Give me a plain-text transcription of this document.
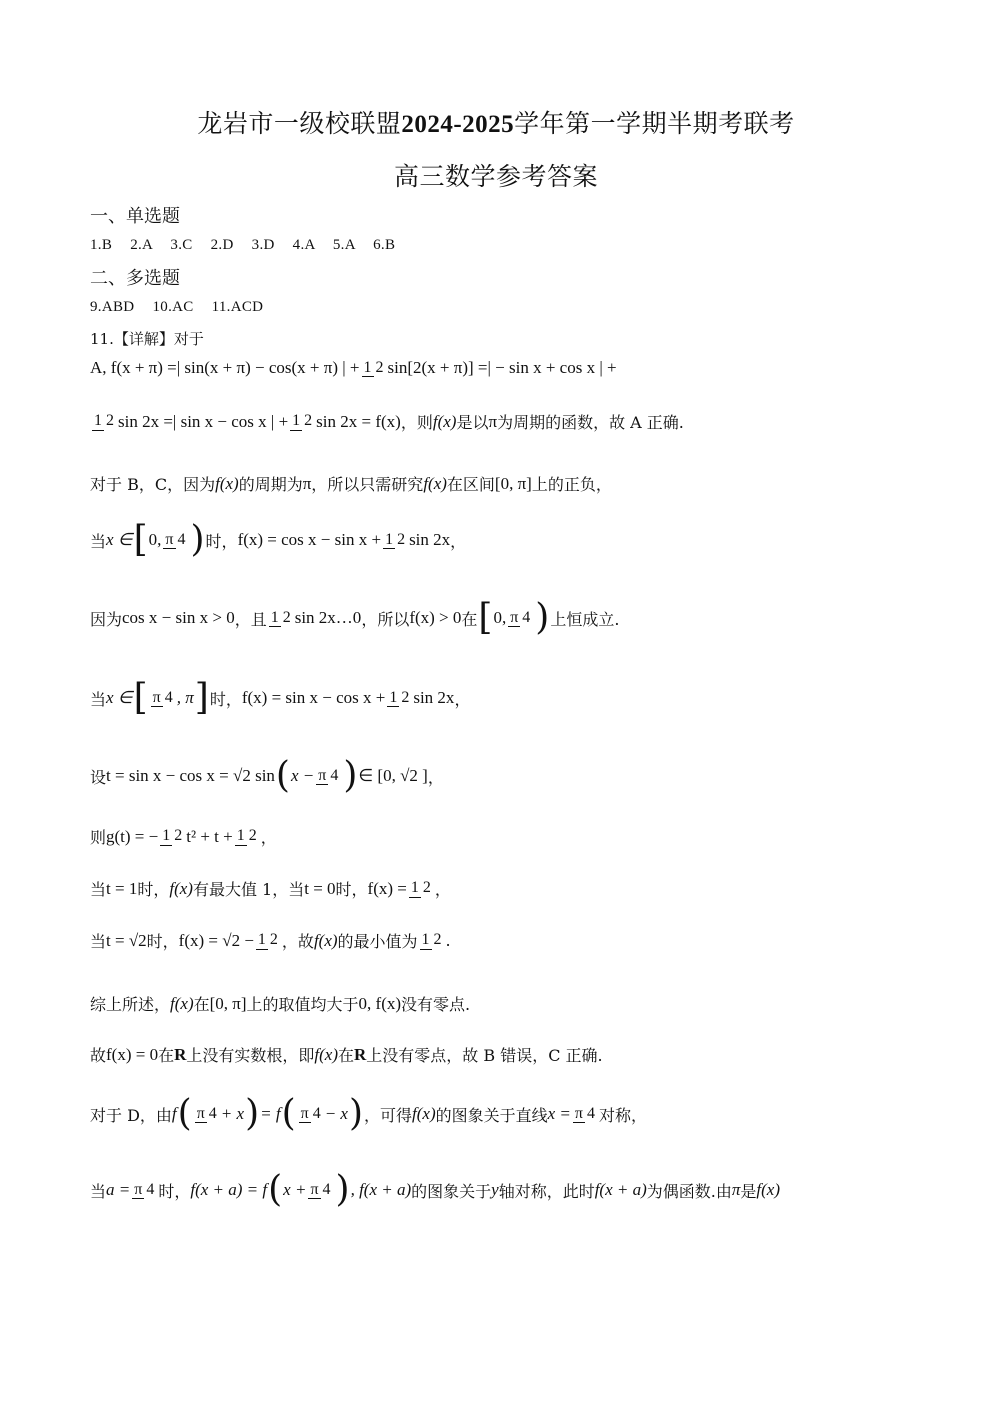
龙岩市一级校联盟2024-2025学年第一学期半期考联考
高三数学参考答案
一、单选题
1.B 2.A 3.C 2.D 3.D 4.A 5.A 6.B
二、多选题
9.ABD 10.AC 11.ACD
11.【详解】对于
A, f(x + π) =| sin(x + π) − cos(x + π) | + 1 2 sin[2(x + π)] =| − sin x + cos x | +
1 2 sin 2x =| sin x − cos x | + 1 2 sin 2x = f(x) ，则 f(x) 是以 π 为周期的函数，故 A 正确.
对于 B，C，因为 f(x) 的周期为 π ，所以只需研究 f(x) 在区间 [0, π] 上的正负，
当 x ∈ [ 0, π 4 ) 时， f(x) = cos x − sin x + 1 2 sin 2x ，
因为 cos x − sin x > 0 ，且 1 2 sin 2x…0 ，所以 f(x) > 0 在 [ 0, π 4 ) 上恒成立.
当 x ∈ [ π 4 , π ] 时， f(x) = sin x − cos x + 1 2 sin 2x ，
设 t = sin x − cos x = √2 sin ( x − π 4 ) ∈ [0, √2 ] ，
则 g(t) = − 1 2 t² + t + 1 2 ，
当 t = 1 时， f(x) 有最大值 1，当 t = 0 时， f(x) = 1 2 ，
当 t = √2 时， f(x) = √2 − 1 2 ，故 f(x) 的最小值为 1 2 .
综上所述， f(x) 在 [0, π] 上的取值均大于 0, f(x) 没有零点.
故 f(x) = 0 在 R 上没有实数根，即 f(x) 在 R 上没有零点，故 B 错误，C 正确.
对于 D，由 f ( π 4 + x ) = f ( π 4 − x ) ，可得 f(x) 的图象关于直线 x = π 4 对称，
当 a = π 4 时， f(x + a) = f ( x + π 4 ) , f(x + a) 的图象关于 y 轴对称，此时 f(x + a) 为偶函数.由 π 是 f(x)
